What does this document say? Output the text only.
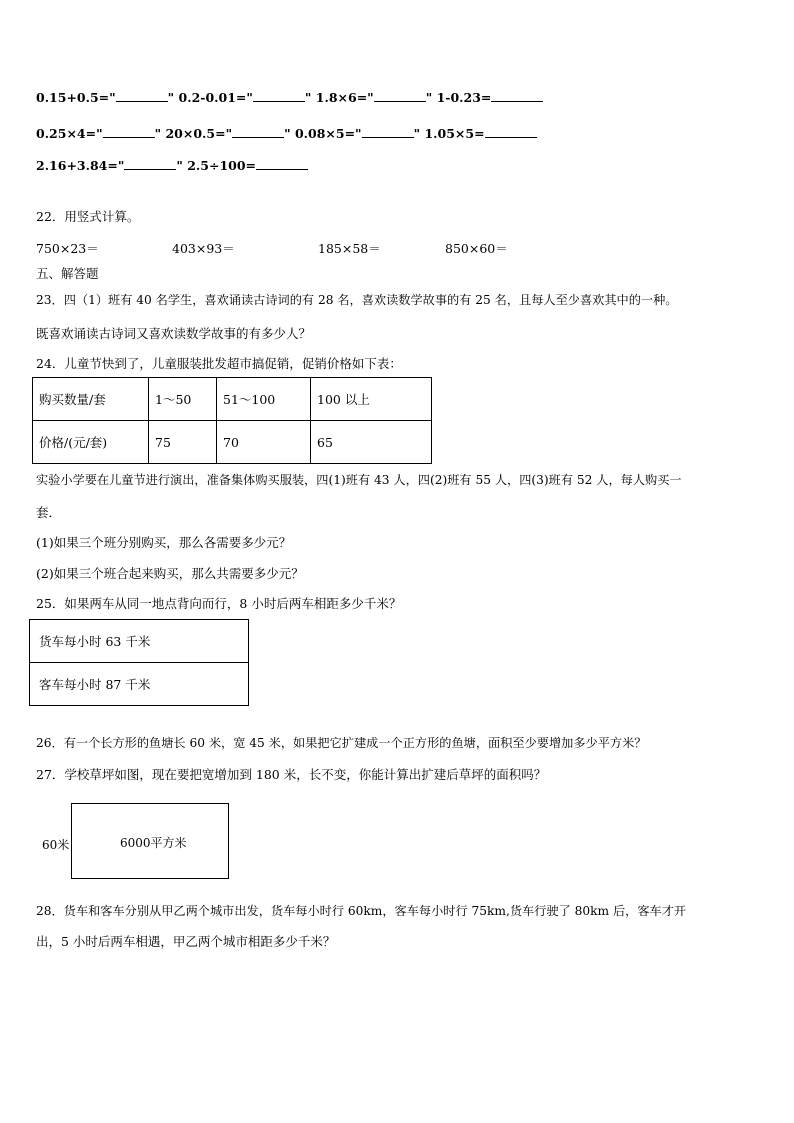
0.15+0.5="	" 0.2-0.01="	" 1.8×6="	" 1-0.23=
0.25×4="	" 20×0.5="	" 0.08×5="	" 1.05×5=
2.16+3.84="	" 2.5÷100=
22．用竖式计算。
750×23＝	403×93＝	185×58＝	850×60＝
五、解答题
23．四（1）班有 40 名学生，喜欢诵读古诗词的有 28 名，喜欢读数学故事的有 25 名，且每人至少喜欢其中的一种。
既喜欢诵读古诗词又喜欢读数学故事的有多少人？
24．儿童节快到了，儿童服装批发超市搞促销，促销价格如下表：
购买数量/套	1～50	51～100	100 以上
价格/(元/套)	75	70	65
实验小学要在儿童节进行演出，准备集体购买服装，四(1)班有 43 人，四(2)班有 55 人，四(3)班有 52 人，每人购买一
套．
(1)如果三个班分别购买，那么各需要多少元？
(2)如果三个班合起来购买，那么共需要多少元？
25．如果两车从同一地点背向而行，8 小时后两车相距多少千米？
货车每小时 63 千米
客车每小时 87 千米
26．有一个长方形的鱼塘长 60 米，宽 45 米，如果把它扩建成一个正方形的鱼塘，面积至少要增加多少平方米？
27．学校草坪如图，现在要把宽增加到 180 米，长不变，你能计算出扩建后草坪的面积吗？
60米	6000平方米
28．货车和客车分别从甲乙两个城市出发，货车每小时行 60km，客车每小时行 75km,货车行驶了 80km 后，客车才开
出，5 小时后两车相遇，甲乙两个城市相距多少千米？
